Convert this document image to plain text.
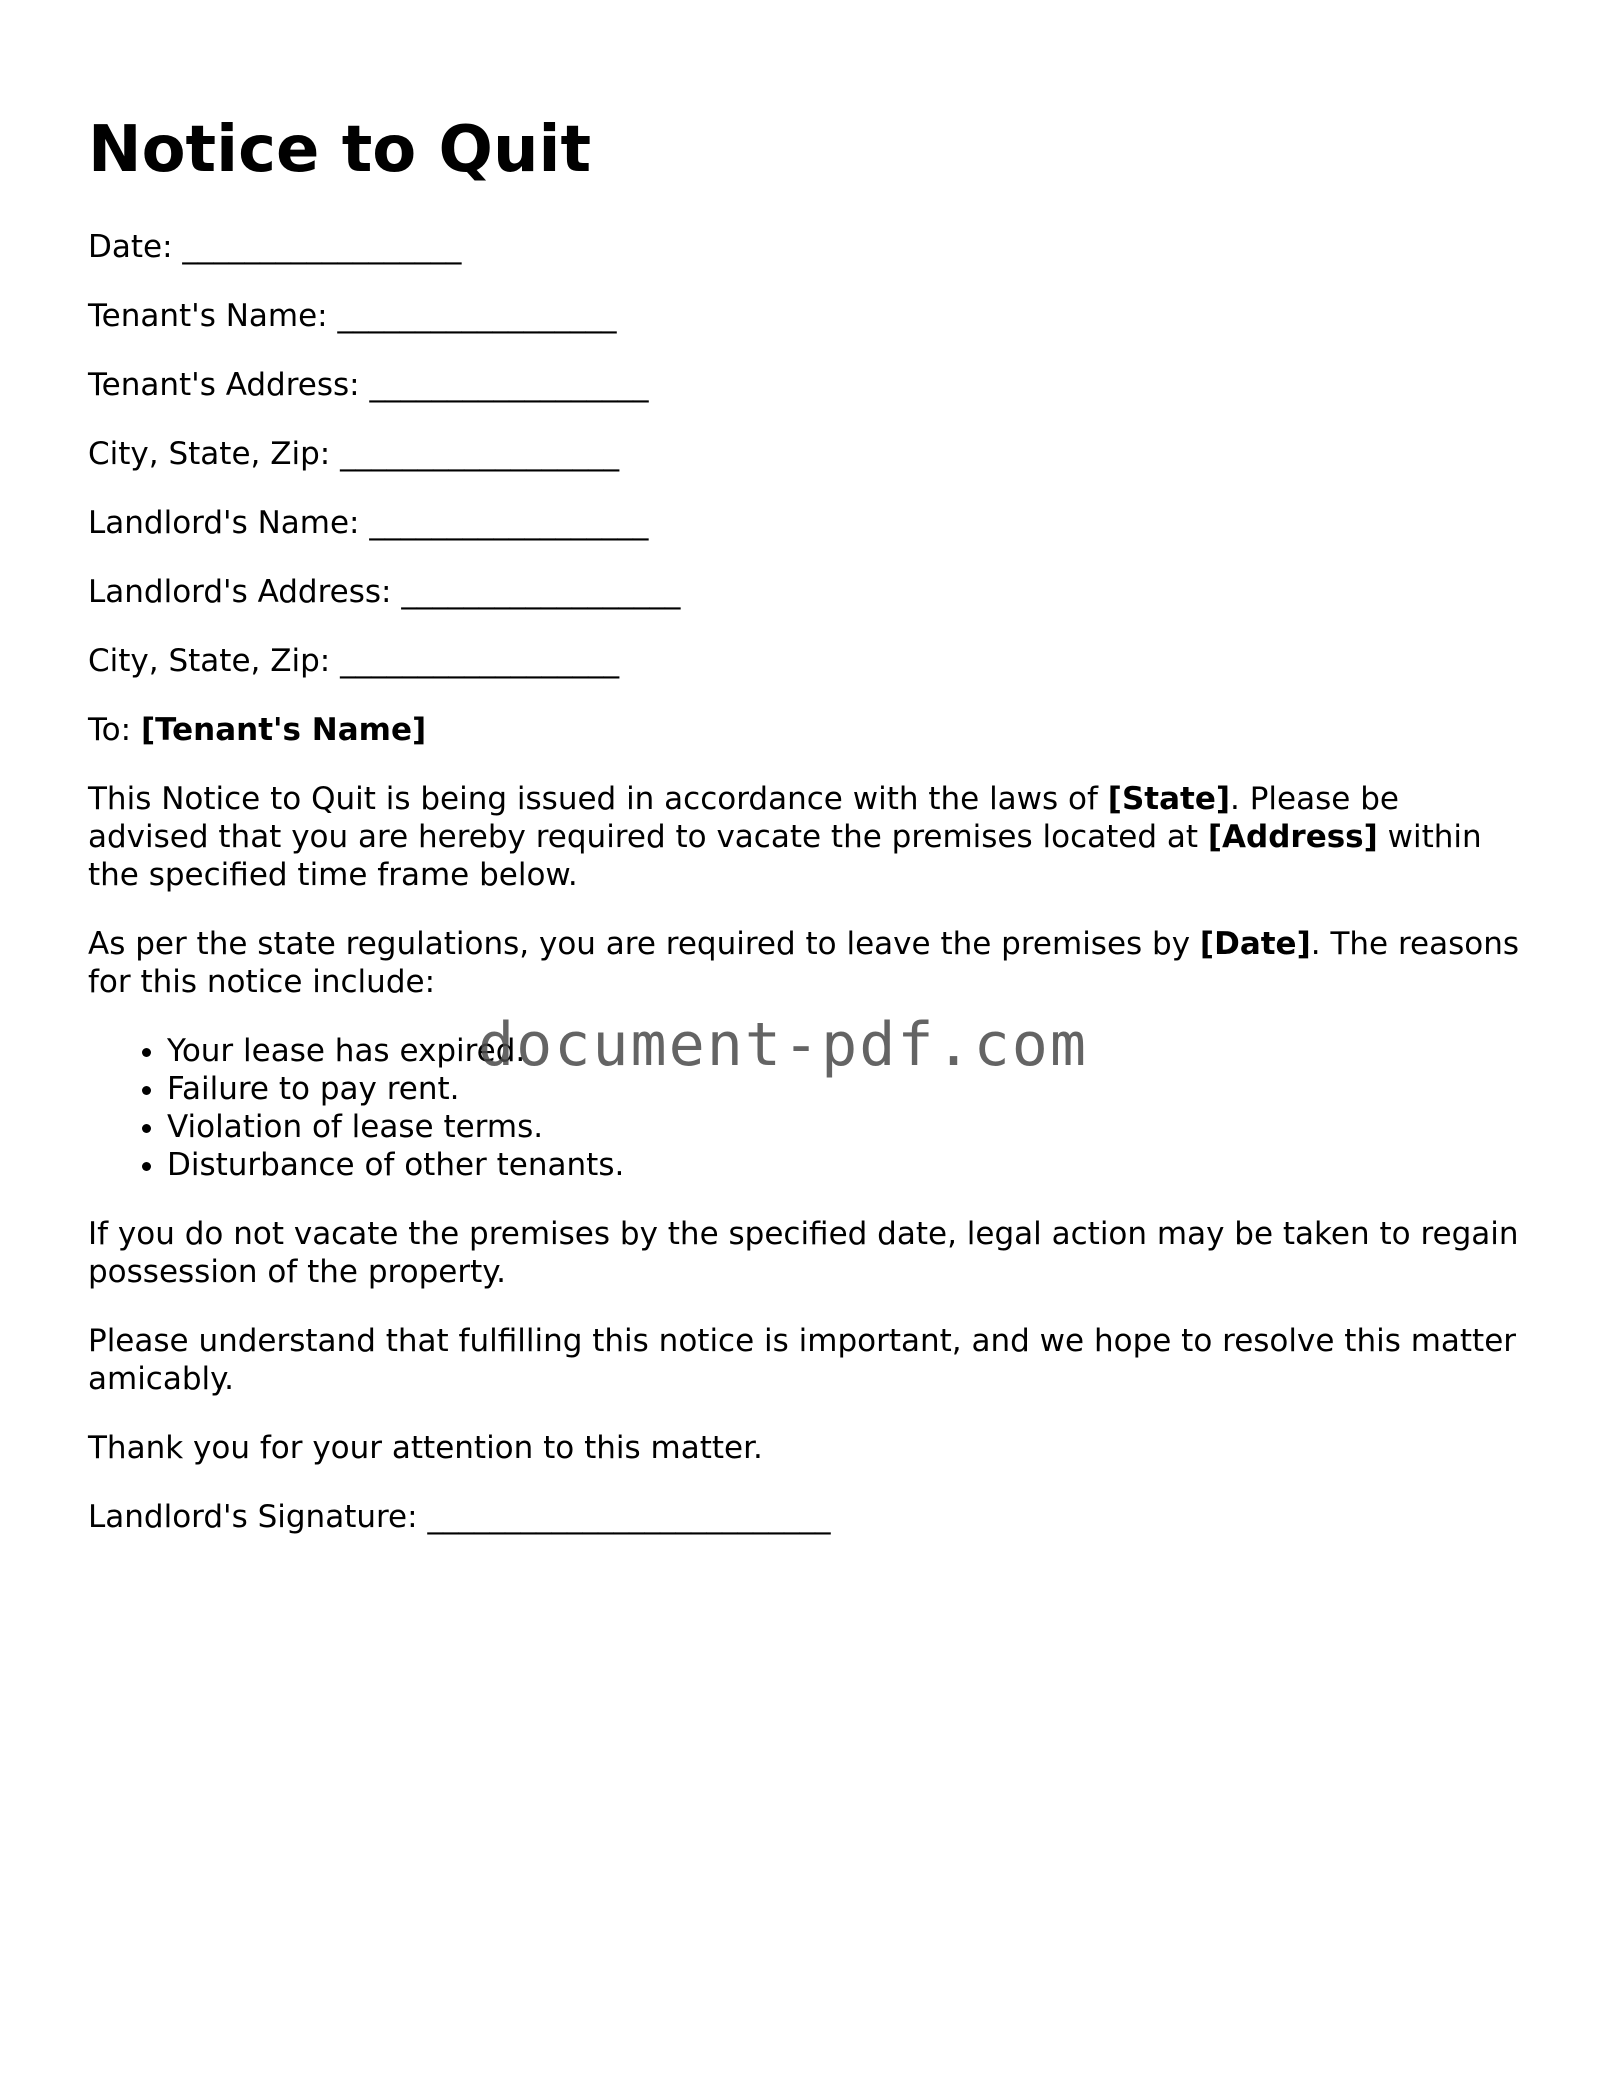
Notice to Quit
Date: __________________
Tenant's Name: __________________
Tenant's Address: __________________
City, State, Zip: __________________
Landlord's Name: __________________
Landlord's Address: __________________
City, State, Zip: __________________
To: [Tenant's Name]

This Notice to Quit is being issued in accordance with the laws of [State]. Please be advised that you are hereby required to vacate the premises located at [Address] within the specified time frame below.

As per the state regulations, you are required to leave the premises by [Date]. The reasons for this notice include:

• Your lease has expired.
• Failure to pay rent.
• Violation of lease terms.
• Disturbance of other tenants.

If you do not vacate the premises by the specified date, legal action may be taken to regain possession of the property.

Please understand that fulfilling this notice is important, and we hope to resolve this matter amicably.

Thank you for your attention to this matter.

Landlord's Signature: __________________________
document-pdf.com
